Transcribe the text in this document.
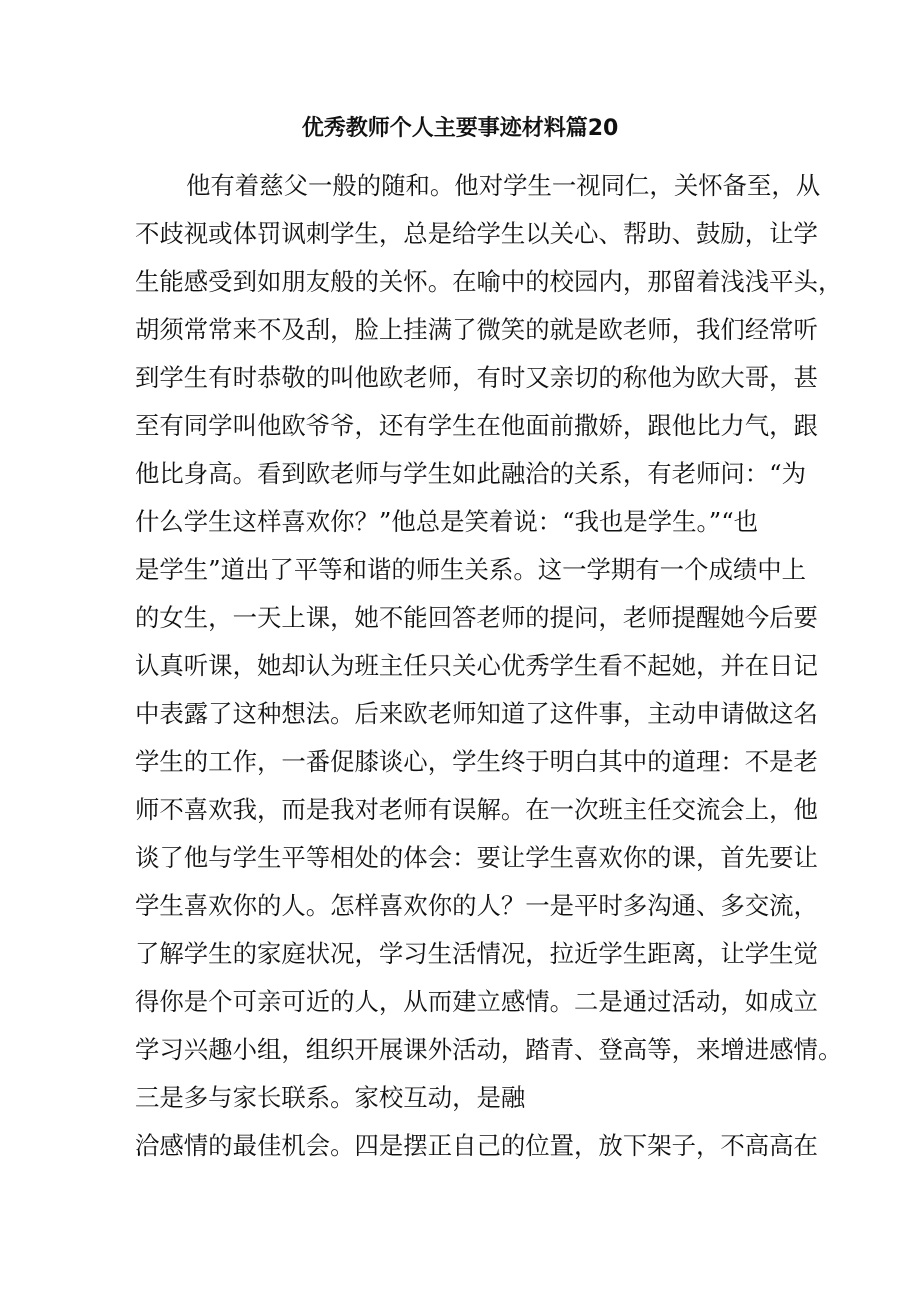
优秀教师个人主要事迹材料篇20
他有着慈父一般的随和。他对学生一视同仁，关怀备至，从
不歧视或体罚讽刺学生，总是给学生以关心、帮助、鼓励，让学
生能感受到如朋友般的关怀。在喻中的校园内，那留着浅浅平头，
胡须常常来不及刮，脸上挂满了微笑的就是欧老师，我们经常听
到学生有时恭敬的叫他欧老师，有时又亲切的称他为欧大哥，甚
至有同学叫他欧爷爷，还有学生在他面前撒娇，跟他比力气，跟
他比身高。看到欧老师与学生如此融洽的关系，有老师问：“为
什么学生这样喜欢你？”他总是笑着说：“我也是学生。”“也
是学生”道出了平等和谐的师生关系。这一学期有一个成绩中上
的女生，一天上课，她不能回答老师的提问，老师提醒她今后要
认真听课，她却认为班主任只关心优秀学生看不起她，并在日记
中表露了这种想法。后来欧老师知道了这件事，主动申请做这名
学生的工作，一番促膝谈心，学生终于明白其中的道理：不是老
师不喜欢我，而是我对老师有误解。在一次班主任交流会上，他
谈了他与学生平等相处的体会：要让学生喜欢你的课，首先要让
学生喜欢你的人。怎样喜欢你的人？一是平时多沟通、多交流，
了解学生的家庭状况，学习生活情况，拉近学生距离，让学生觉
得你是个可亲可近的人，从而建立感情。二是通过活动，如成立
学习兴趣小组，组织开展课外活动，踏青、登高等，来增进感情。
三是多与家长联系。家校互动，是融
洽感情的最佳机会。四是摆正自己的位置，放下架子，不高高在
